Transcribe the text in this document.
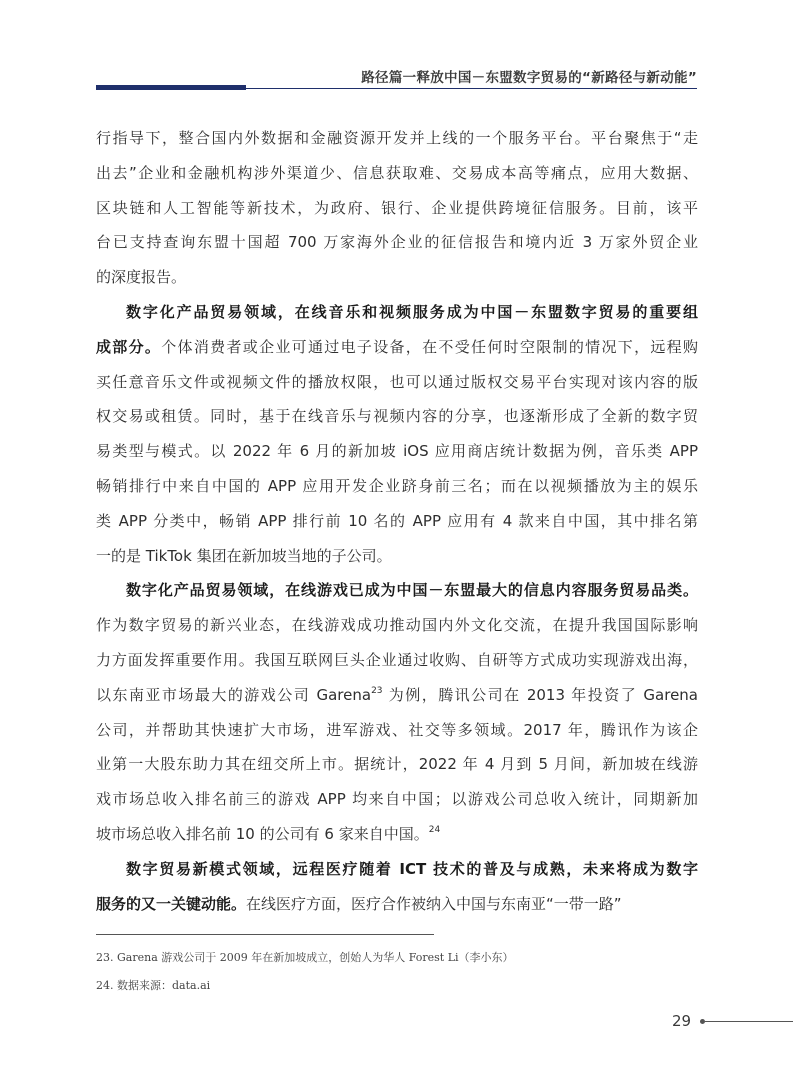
路径篇一释放中国－东盟数字贸易的“新路径与新动能”

行指导下，整合国内外数据和金融资源开发并上线的一个服务平台。平台聚焦于“走
出去”企业和金融机构涉外渠道少、信息获取难、交易成本高等痛点，应用大数据、
区块链和人工智能等新技术，为政府、银行、企业提供跨境征信服务。目前，该平
台已支持查询东盟十国超 700 万家海外企业的征信报告和境内近 3 万家外贸企业
的深度报告。

数字化产品贸易领域，在线音乐和视频服务成为中国－东盟数字贸易的重要组
成部分。个体消费者或企业可通过电子设备，在不受任何时空限制的情况下，远程购
买任意音乐文件或视频文件的播放权限，也可以通过版权交易平台实现对该内容的版
权交易或租赁。同时，基于在线音乐与视频内容的分享，也逐渐形成了全新的数字贸
易类型与模式。以 2022 年 6 月的新加坡 iOS 应用商店统计数据为例，音乐类 APP
畅销排行中来自中国的 APP 应用开发企业跻身前三名；而在以视频播放为主的娱乐
类 APP 分类中，畅销 APP 排行前 10 名的 APP 应用有 4 款来自中国，其中排名第
一的是 TikTok 集团在新加坡当地的子公司。

数字化产品贸易领域，在线游戏已成为中国－东盟最大的信息内容服务贸易品类。
作为数字贸易的新兴业态，在线游戏成功推动国内外文化交流，在提升我国国际影响
力方面发挥重要作用。我国互联网巨头企业通过收购、自研等方式成功实现游戏出海，
以东南亚市场最大的游戏公司 Garena$^{23}$ 为例，腾讯公司在 2013 年投资了 Garena
公司，并帮助其快速扩大市场，进军游戏、社交等多领域。2017 年，腾讯作为该企
业第一大股东助力其在纽交所上市。据统计，2022 年 4 月到 5 月间，新加坡在线游
戏市场总收入排名前三的游戏 APP 均来自中国；以游戏公司总收入统计，同期新加
坡市场总收入排名前 10 的公司有 6 家来自中国。$^{24}$

数字贸易新模式领域，远程医疗随着 ICT 技术的普及与成熟，未来将成为数字
服务的又一关键动能。在线医疗方面，医疗合作被纳入中国与东南亚“一带一路”

23. Garena 游戏公司于 2009 年在新加坡成立，创始人为华人 Forest Li（李小东）
24. 数据来源：data.ai
29
